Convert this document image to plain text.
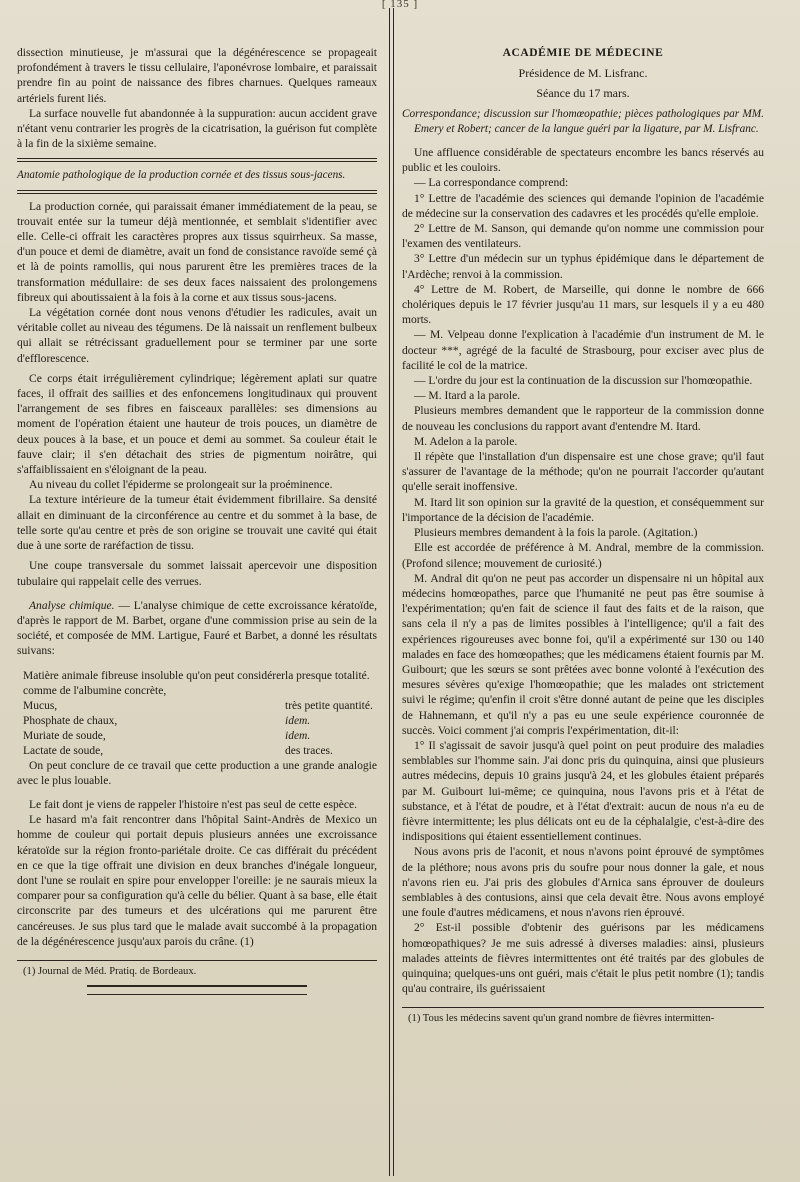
[ 135 ]

dissection minutieuse, je m'assurai que la dégénérescence se propageait profondément à travers le tissu cellulaire, l'aponévrose lombaire, et paraissait prendre fin au point de naissance des fibres charnues. Quelques rameaux artériels furent liés.

La surface nouvelle fut abandonnée à la suppuration: aucun accident grave n'étant venu contrarier les progrès de la cicatrisation, la guérison fut complète à la fin de la sixième semaine.

Anatomie pathologique de la production cornée et des tissus sous-jacens.

La production cornée, qui paraissait émaner immédiatement de la peau, se trouvait entée sur la tumeur déjà mentionnée, et semblait s'identifier avec elle. Celle-ci offrait les caractères propres aux tissus squirrheux. Sa masse, d'un pouce et demi de diamètre, avait un fond de consistance ravoïde semé çà et là de points ramollis, qui nous parurent être les premières traces de la transformation médullaire: de ses deux faces naissaient des prolongemens fibreux qui aboutissaient à la fois à la corne et aux tissus sous-jacens.

La végétation cornée dont nous venons d'étudier les radicules, avait un véritable collet au niveau des tégumens. De là naissait un renflement bulbeux qui allait se rétrécissant graduellement pour se terminer par une sorte d'efflorescence.

Ce corps était irrégulièrement cylindrique; légèrement aplati sur quatre faces, il offrait des saillies et des enfoncemens longitudinaux qui prouvent l'arrangement de ses fibres en faisceaux parallèles: ses dimensions au moment de l'opération étaient une hauteur de trois pouces, un diamètre de deux pouces à la base, et un pouce et demi au sommet. Sa couleur était le fauve clair; il s'en détachait des stries de pigmentum noirâtre, qui s'affaiblissaient en s'éloignant de la peau.

Au niveau du collet l'épiderme se prolongeait sur la proéminence.

La texture intérieure de la tumeur était évidemment fibrillaire. Sa densité allait en diminuant de la circonférence au centre et du sommet à la base, de telle sorte qu'au centre et près de son origine se trouvait une cavité qui était due à une sorte de raréfaction de tissu.

Une coupe transversale du sommet laissait apercevoir une disposition tubulaire qui rappelait celle des verrues.

Analyse chimique. — L'analyse chimique de cette excroissance kératoïde, d'après le rapport de M. Barbet, organe d'une commission prise au sein de la société, et composée de MM. Lartigue, Fauré et Barbet, a donné les résultats suivans:

Matière animale fibreuse insoluble qu'on peut considérer comme de l'albumine concrète,	la presque totalité.
Mucus,	très petite quantité.
Phosphate de chaux,	idem.
Muriate de soude,	idem.
Lactate de soude,	des traces.

On peut conclure de ce travail que cette production a une grande analogie avec le plus louable.

Le fait dont je viens de rappeler l'histoire n'est pas seul de cette espèce.

Le hasard m'a fait rencontrer dans l'hôpital Saint-Andrès de Mexico un homme de couleur qui portait depuis plusieurs années une excroissance kératoïde sur la région fronto-pariétale droite. Ce cas différait du précédent en ce que la tige offrait une division en deux branches d'inégale longueur, dont l'une se roulait en spire pour envelopper l'oreille: je ne saurais mieux la comparer pour sa configuration qu'à celle du bélier. Quant à sa base, elle était circonscrite par des tumeurs et des ulcérations qui me parurent être cancéreuses. Je sus plus tard que le malade avait succombé à la propagation de la dégénérescence jusqu'aux parois du crâne. (1)

(1) Journal de Méd. Pratiq. de Bordeaux.

ACADÉMIE DE MÉDECINE

Présidence de M. Lisfranc.

Séance du 17 mars.

Correspondance; discussion sur l'homœopathie; pièces pathologiques par MM. Emery et Robert; cancer de la langue guéri par la ligature, par M. Lisfranc.

Une affluence considérable de spectateurs encombre les bancs réservés au public et les couloirs.

— La correspondance comprend:

1° Lettre de l'académie des sciences qui demande l'opinion de l'académie de médecine sur la conservation des cadavres et les procédés qu'elle emploie.

2° Lettre de M. Sanson, qui demande qu'on nomme une commission pour l'examen des ventilateurs.

3° Lettre d'un médecin sur un typhus épidémique dans le département de l'Ardèche; renvoi à la commission.

4° Lettre de M. Robert, de Marseille, qui donne le nombre de 666 cholériques depuis le 17 février jusqu'au 11 mars, sur lesquels il y a eu 480 morts.

— M. Velpeau donne l'explication à l'académie d'un instrument de M. le docteur ***, agrégé de la faculté de Strasbourg, pour exciser avec plus de facilité le col de la matrice.

— L'ordre du jour est la continuation de la discussion sur l'homœopathie.

— M. Itard a la parole.

Plusieurs membres demandent que le rapporteur de la commission donne de nouveau les conclusions du rapport avant d'entendre M. Itard.

M. Adelon a la parole.

Il répète que l'installation d'un dispensaire est une chose grave; qu'il faut s'assurer de l'avantage de la méthode; qu'on ne pourrait l'accorder qu'autant qu'elle serait inoffensive.

M. Itard lit son opinion sur la gravité de la question, et conséquemment sur l'importance de la décision de l'académie.

Plusieurs membres demandent à la fois la parole. (Agitation.)

Elle est accordée de préférence à M. Andral, membre de la commission. (Profond silence; mouvement de curiosité.)

M. Andral dit qu'on ne peut pas accorder un dispensaire ni un hôpital aux médecins homœopathes, parce que l'humanité ne peut pas être soumise à l'expérimentation; qu'en fait de science il faut des faits et de la raison, que sans cela il n'y a pas de limites possibles à l'intelligence; qu'il a fait des expériences rigoureuses avec bonne foi, qu'il a expérimenté sur 130 ou 140 malades en face des homœopathes; que les médicamens étaient fournis par M. Guibourt; que les sœurs se sont prêtées avec bonne volonté à l'exécution des mesures sévères qu'exige l'homœopathie; que les malades ont strictement suivi le régime; qu'enfin il croit s'être donné autant de peine que les disciples de Hahnemann, et qu'il n'y a pas eu une seule expérience couronnée de succès. Voici comment j'ai compris l'expérimentation, dit-il:

1° Il s'agissait de savoir jusqu'à quel point on peut produire des maladies semblables sur l'homme sain. J'ai donc pris du quinquina, ainsi que plusieurs autres médecins, depuis 10 grains jusqu'à 24, et les globules étaient préparés par M. Guibourt lui-même; ce quinquina, nous l'avons pris et à l'état de substance, et à l'état de poudre, et à l'état d'extrait: aucun de nous n'a eu de fièvre intermittente; les plus délicats ont eu de la céphalalgie, c'est-à-dire des indispositions qui étaient essentiellement continues.

Nous avons pris de l'aconit, et nous n'avons point éprouvé de symptômes de la pléthore; nous avons pris du soufre pour nous donner la gale, et nous n'avons rien eu. J'ai pris des globules d'Arnica sans éprouver de douleurs semblables à des contusions, ainsi que cela devait être. Nous avons employé une foule d'autres médicamens, et nous n'avons rien éprouvé.

2° Est-il possible d'obtenir des guérisons par les médicamens homœopathiques? Je me suis adressé à diverses maladies: ainsi, plusieurs malades atteints de fièvres intermittentes ont été traités par des globules de quinquina; quelques-uns ont guéri, mais c'était le plus petit nombre (1); tandis qu'au contraire, ils guérissaient

(1) Tous les médecins savent qu'un grand nombre de fièvres intermitten-
